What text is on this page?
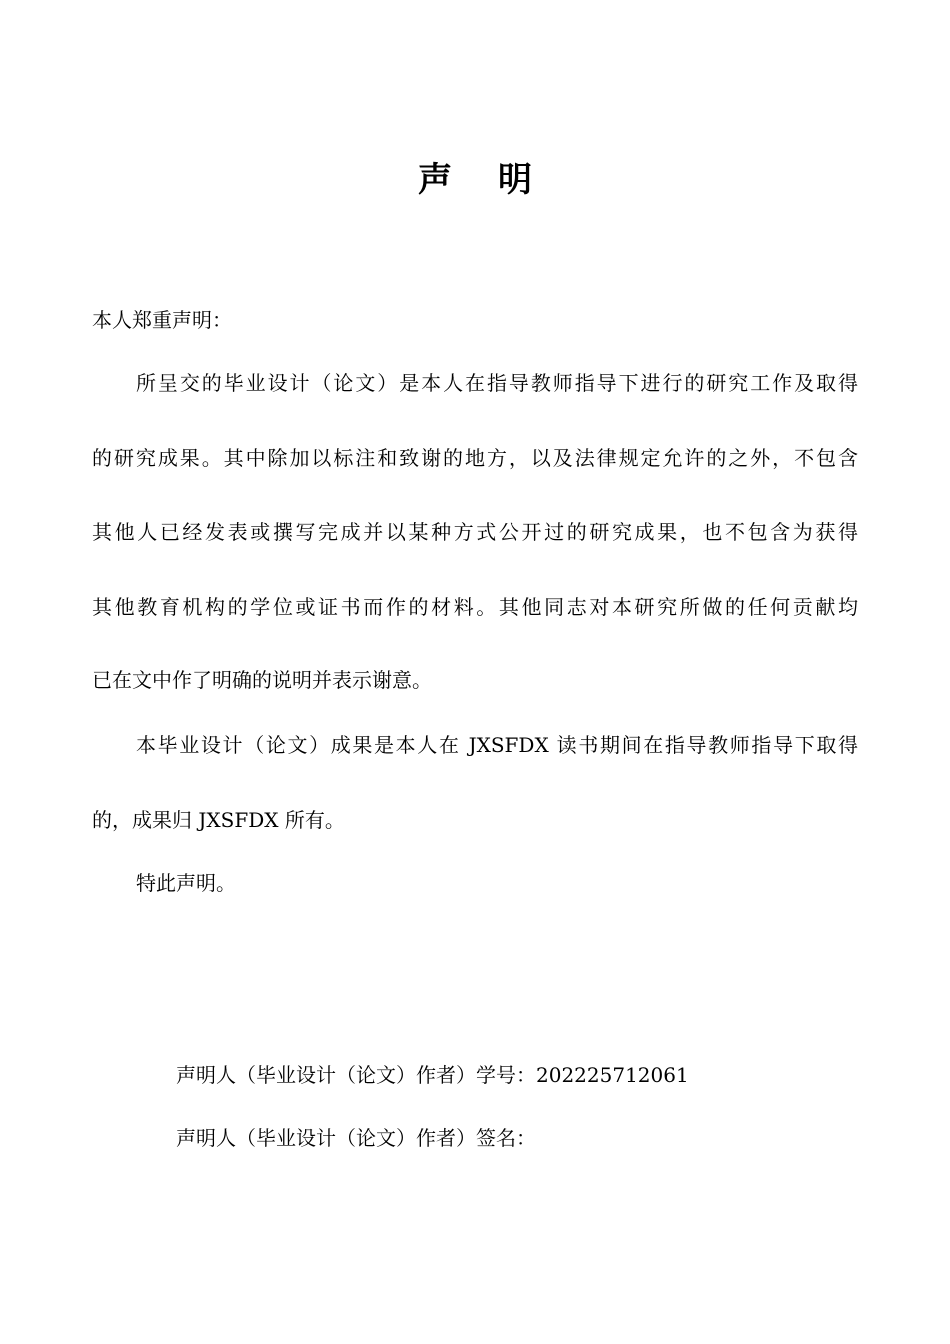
声明
本人郑重声明：
所呈交的毕业设计（论文）是本人在指导教师指导下进行的研究工作及取得
的研究成果。其中除加以标注和致谢的地方，以及法律规定允许的之外，不包含
其他人已经发表或撰写完成并以某种方式公开过的研究成果，也不包含为获得
其他教育机构的学位或证书而作的材料。其他同志对本研究所做的任何贡献均
已在文中作了明确的说明并表示谢意。
本毕业设计（论文）成果是本人在 JXSFDX 读书期间在指导教师指导下取得
的，成果归 JXSFDX 所有。
特此声明。
声明人（毕业设计（论文）作者）学号：202225712061
声明人（毕业设计（论文）作者）签名：
